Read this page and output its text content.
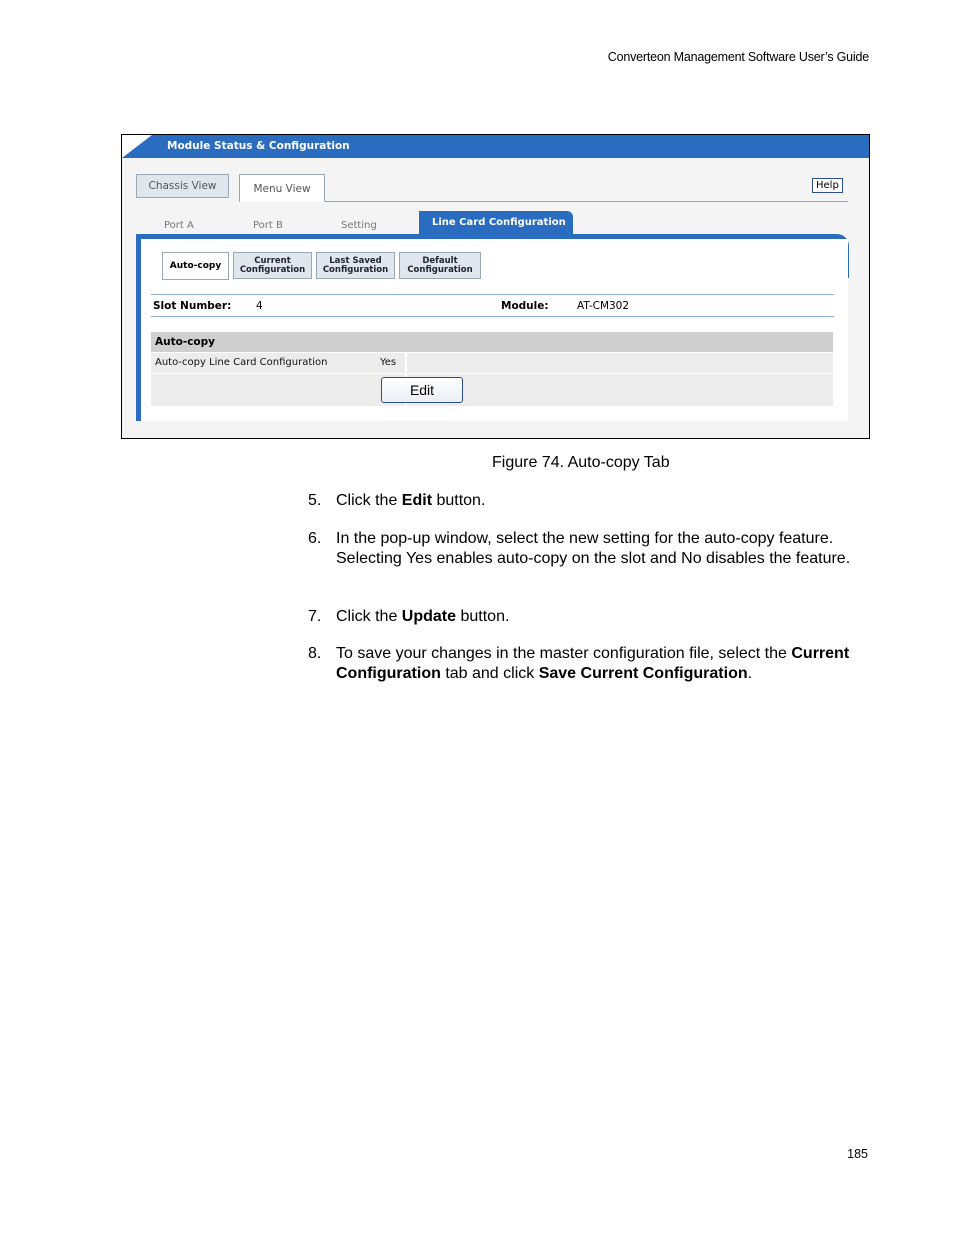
Converteon Management Software User’s Guide
Module Status & Configuration
Chassis View	Menu View	Help
Port A	Port B	Setting	Line Card Configuration
Auto-copy	Current
Configuration
Last Saved
Configuration
Default
Configuration
Slot Number: 4	Module:	AT-CM302
Auto-copy
Auto-copy Line Card Configuration	Yes
Edit
Figure 74. Auto-copy Tab
5. Click the Edit button.
6. In the pop-up window, select the new setting for the auto-copy feature. Selecting Yes enables auto-copy on the slot and No disables the feature.
7. Click the Update button.
8. To save your changes in the master configuration file, select the Current Configuration tab and click Save Current Configuration.
185
